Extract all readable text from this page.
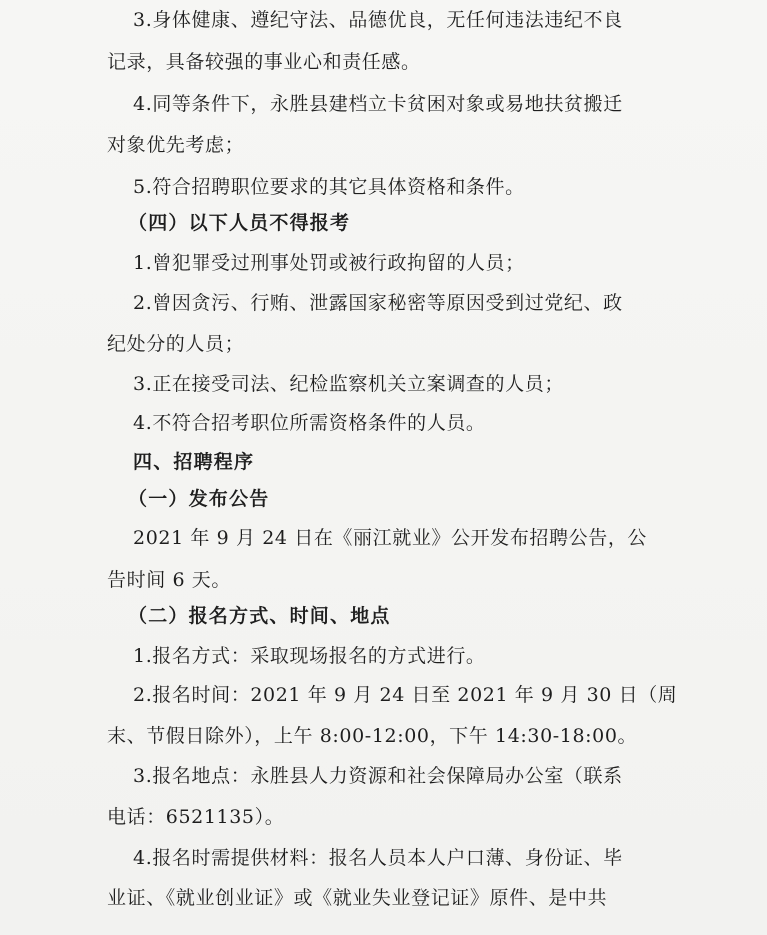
3.身体健康、遵纪守法、品德优良，无任何违法违纪不良
记录，具备较强的事业心和责任感。
4.同等条件下，永胜县建档立卡贫困对象或易地扶贫搬迁
对象优先考虑；
5.符合招聘职位要求的其它具体资格和条件。
（四）以下人员不得报考
1.曾犯罪受过刑事处罚或被行政拘留的人员；
2.曾因贪污、行贿、泄露国家秘密等原因受到过党纪、政
纪处分的人员；
3.正在接受司法、纪检监察机关立案调查的人员；
4.不符合招考职位所需资格条件的人员。
四、招聘程序
（一）发布公告
2021 年 9 月 24 日在《丽江就业》公开发布招聘公告，公
告时间 6 天。
（二）报名方式、时间、地点
1.报名方式：采取现场报名的方式进行。
2.报名时间：2021 年 9 月 24 日至 2021 年 9 月 30 日（周
末、节假日除外），上午 8:00-12:00，下午 14:30-18:00。
3.报名地点：永胜县人力资源和社会保障局办公室（联系
电话：6521135）。
4.报名时需提供材料：报名人员本人户口薄、身份证、毕
业证、《就业创业证》或《就业失业登记证》原件、是中共
